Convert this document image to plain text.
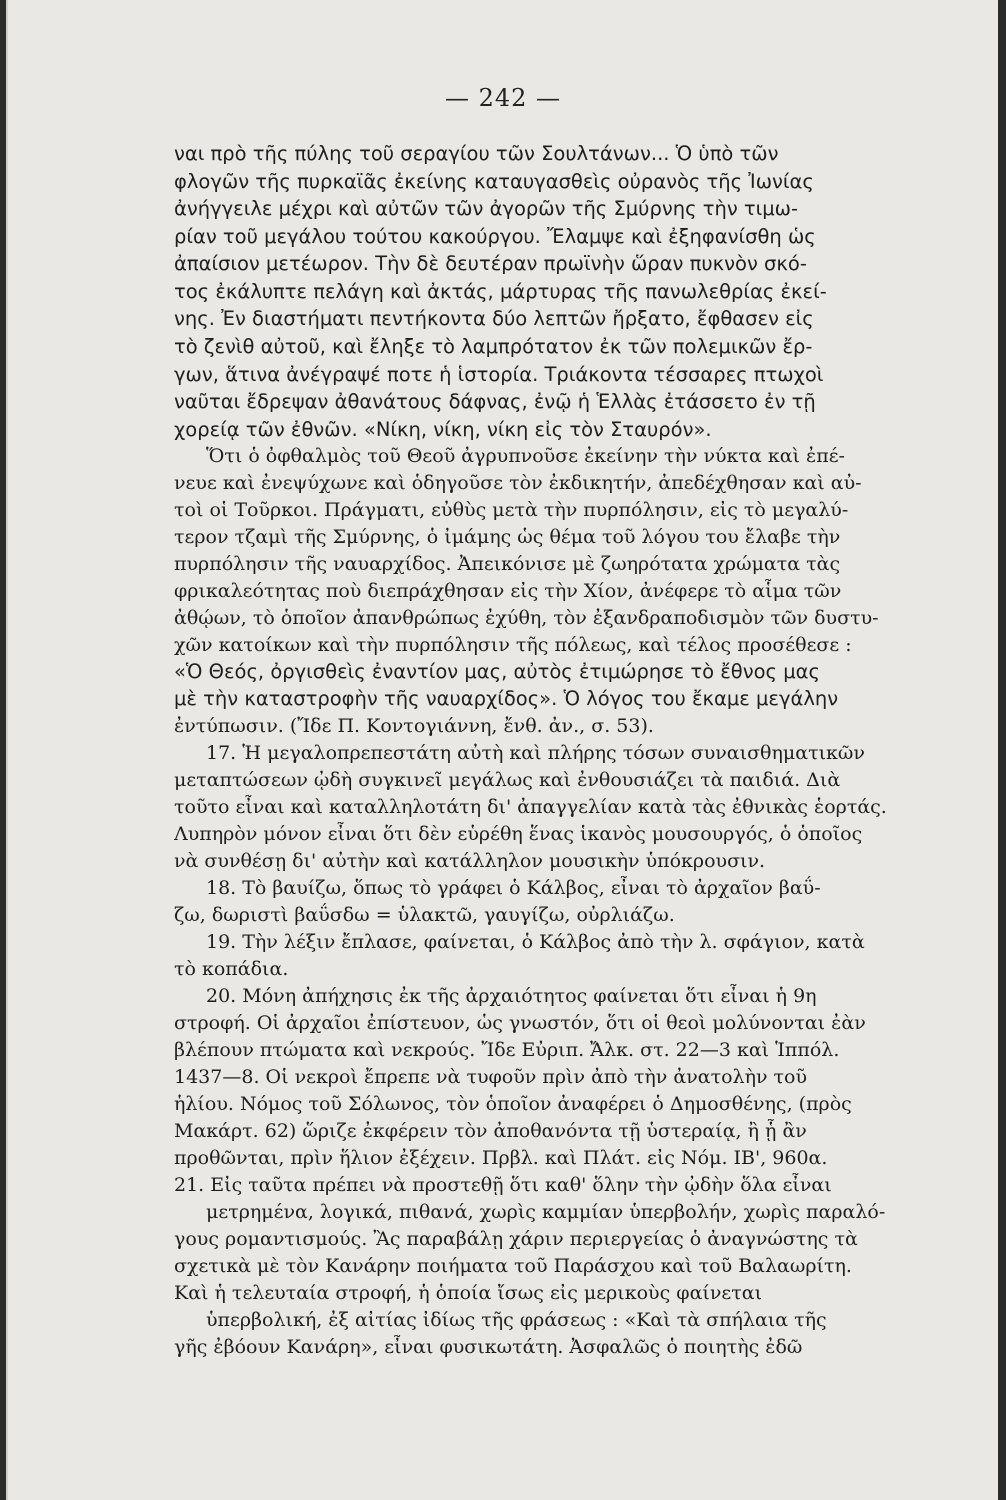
— 242 —
ναι πρὸ τῆς πύλης τοῦ σεραγίου τῶν Σουλτάνων... Ὁ ὑπὸ τῶν
φλογῶν τῆς πυρκαϊᾶς ἐκείνης καταυγασθεὶς οὐρανὸς τῆς Ἰωνίας
ἀνήγγειλε μέχρι καὶ αὐτῶν τῶν ἀγορῶν τῆς Σμύρνης τὴν τιμω-
ρίαν τοῦ μεγάλου τούτου κακούργου. Ἔλαμψε καὶ ἐξηφανίσθη ὡς
ἀπαίσιον μετέωρον. Τὴν δὲ δευτέραν πρωϊνὴν ὥραν πυκνὸν σκό-
τος ἐκάλυπτε πελάγη καὶ ἀκτάς, μάρτυρας τῆς πανωλεθρίας ἐκεί-
νης. Ἐν διαστήματι πεντήκοντα δύο λεπτῶν ἤρξατο, ἔφθασεν εἰς
τὸ ζενὶθ αὐτοῦ, καὶ ἔληξε τὸ λαμπρότατον ἐκ τῶν πολεμικῶν ἔρ-
γων, ἅτινα ἀνέγραψέ ποτε ἡ ἱστορία. Τριάκοντα τέσσαρες πτωχοὶ
ναῦται ἔδρεψαν ἀθανάτους δάφνας, ἐνῷ ἡ Ἑλλὰς ἐτάσσετο ἐν τῇ
χορείᾳ τῶν ἐθνῶν. «Νίκη, νίκη, νίκη εἰς τὸν Σταυρόν».
Ὅτι ὁ ὀφθαλμὸς τοῦ Θεοῦ ἀγρυπνοῦσε ἐκείνην τὴν νύκτα καὶ ἐπέ-
νευε καὶ ἐνεψύχωνε καὶ ὁδηγοῦσε τὸν ἐκδικητήν, ἀπεδέχθησαν καὶ αὐ-
τοὶ οἱ Τοῦρκοι. Πράγματι, εὐθὺς μετὰ τὴν πυρπόλησιν, εἰς τὸ μεγαλύ-
τερον τζαμὶ τῆς Σμύρνης, ὁ ἰμάμης ὡς θέμα τοῦ λόγου του ἔλαβε τὴν
πυρπόλησιν τῆς ναυαρχίδος. Ἀπεικόνισε μὲ ζωηρότατα χρώματα τὰς
φρικαλεότητας ποὺ διεπράχθησαν εἰς τὴν Χίον, ἀνέφερε τὸ αἷμα τῶν
ἀθῴων, τὸ ὁποῖον ἀπανθρώπως ἐχύθη, τὸν ἐξανδραποδισμὸν τῶν δυστυ-
χῶν κατοίκων καὶ τὴν πυρπόλησιν τῆς πόλεως, καὶ τέλος προσέθεσε :
«Ὁ Θεός, ὀργισθεὶς ἐναντίον μας, αὐτὸς ἐτιμώρησε τὸ ἔθνος μας
μὲ τὴν καταστροφὴν τῆς ναυαρχίδος». Ὁ λόγος του ἔκαμε μεγάλην
ἐντύπωσιν. (Ἴδε Π. Κοντογιάννη, ἔνθ. ἀν., σ. 53).
17. Ἡ μεγαλοπρεπεστάτη αὐτὴ καὶ πλήρης τόσων συναισθηματικῶν
μεταπτώσεων ᾠδὴ συγκινεῖ μεγάλως καὶ ἐνθουσιάζει τὰ παιδιά. Διὰ
τοῦτο εἶναι καὶ καταλληλοτάτη δι' ἀπαγγελίαν κατὰ τὰς ἐθνικὰς ἑορτάς.
Λυπηρὸν μόνον εἶναι ὅτι δὲν εὑρέθη ἕνας ἱκανὸς μουσουργός, ὁ ὁποῖος
νὰ συνθέσῃ δι' αὐτὴν καὶ κατάλληλον μουσικὴν ὑπόκρουσιν.
18. Τὸ βαυίζω, ὅπως τὸ γράφει ὁ Κάλβος, εἶναι τὸ ἀρχαῖον βαΰ-
ζω, δωριστὶ βαΰσδω = ὑλακτῶ, γαυγίζω, οὐρλιάζω.
19. Τὴν λέξιν ἔπλασε, φαίνεται, ὁ Κάλβος ἀπὸ τὴν λ. σφάγιον, κατὰ
τὸ κοπάδια.
20. Μόνη ἀπήχησις ἐκ τῆς ἀρχαιότητος φαίνεται ὅτι εἶναι ἡ 9η
στροφή. Οἱ ἀρχαῖοι ἐπίστευον, ὡς γνωστόν, ὅτι οἱ θεοὶ μολύνονται ἐὰν
βλέπουν πτώματα καὶ νεκρούς. Ἴδε Εὐριπ. Ἄλκ. στ. 22—3 καὶ Ἱππόλ.
1437—8. Οἱ νεκροὶ ἔπρεπε νὰ τυφοῦν πρὶν ἀπὸ τὴν ἀνατολὴν τοῦ
ἡλίου. Νόμος τοῦ Σόλωνος, τὸν ὁποῖον ἀναφέρει ὁ Δημοσθένης, (πρὸς
Μακάρτ. 62) ὥριζε ἐκφέρειν τὸν ἀποθανόντα τῇ ὑστεραίᾳ, ἢ ᾗ ἂν
προθῶνται, πρὶν ἥλιον ἐξέχειν. Πρβλ. καὶ Πλάτ. εἰς Νόμ. ΙΒ', 960α.
21. Εἰς ταῦτα πρέπει νὰ προστεθῇ ὅτι καθ' ὅλην τὴν ᾠδὴν ὅλα εἶναι
μετρημένα, λογικά, πιθανά, χωρὶς καμμίαν ὑπερβολήν, χωρὶς παραλό-
γους ρομαντισμούς. Ἂς παραβάλῃ χάριν περιεργείας ὁ ἀναγνώστης τὰ
σχετικὰ μὲ τὸν Κανάρην ποιήματα τοῦ Παράσχου καὶ τοῦ Βαλαωρίτη.
Καὶ ἡ τελευταία στροφή, ἡ ὁποία ἴσως εἰς μερικοὺς φαίνεται
ὑπερβολική, ἐξ αἰτίας ἰδίως τῆς φράσεως : «Καὶ τὰ σπήλαια τῆς
γῆς ἐβόουν Κανάρη», εἶναι φυσικωτάτη. Ἀσφαλῶς ὁ ποιητὴς ἐδῶ
